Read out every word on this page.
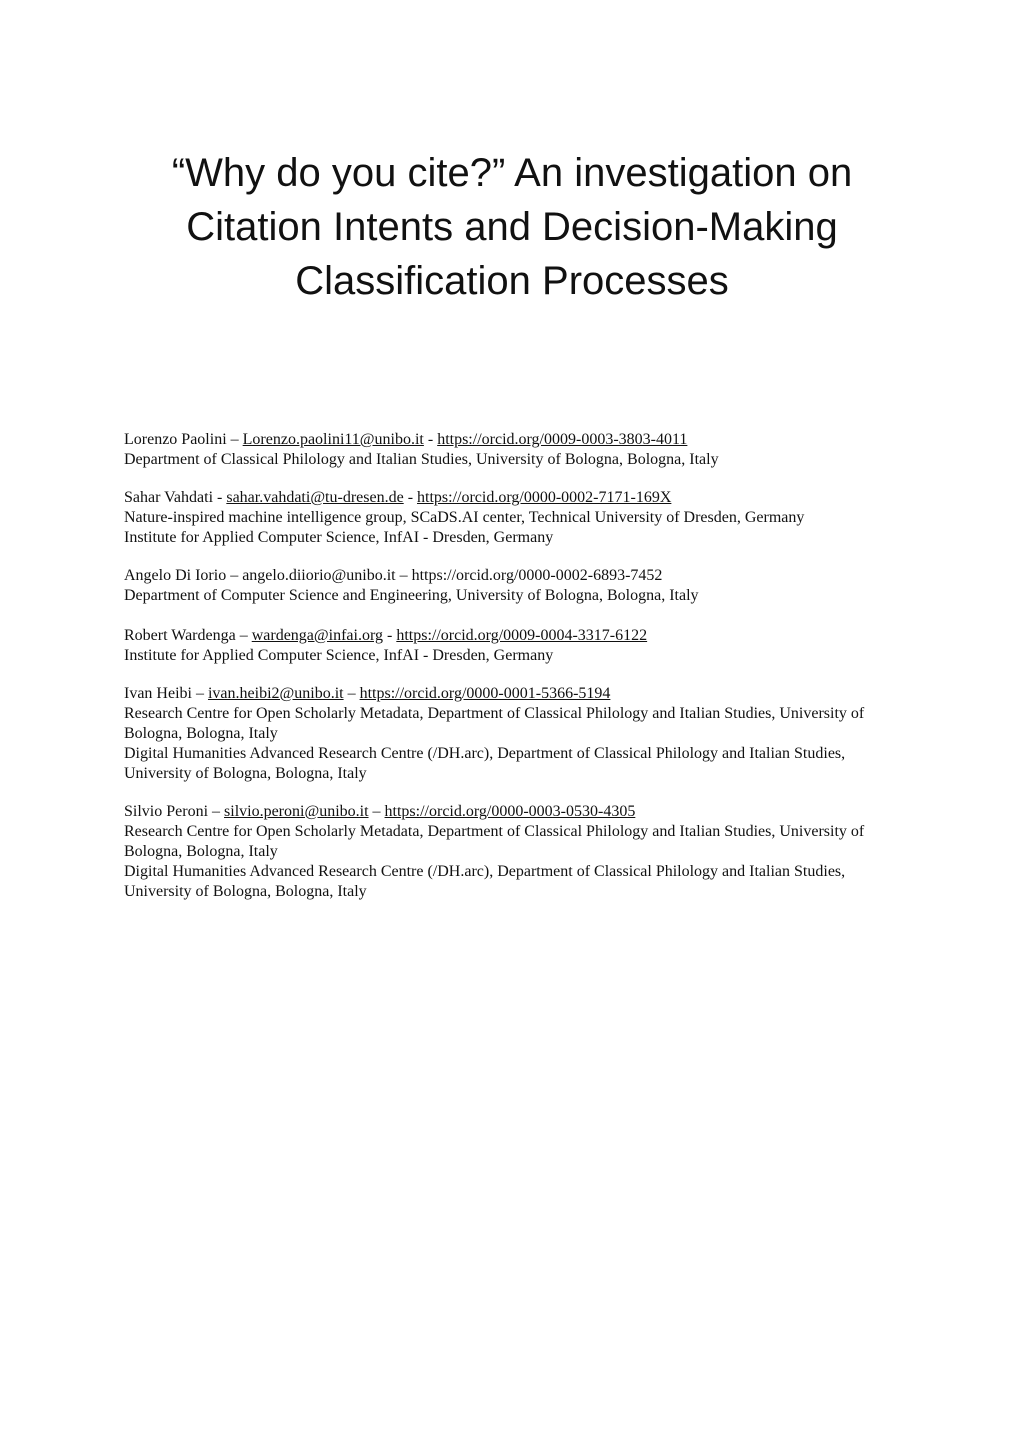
“Why do you cite?” An investigation on
Citation Intents and Decision-Making
Classification Processes
Lorenzo Paolini – Lorenzo.paolini11@unibo.it - https://orcid.org/0009-0003-3803-4011
Department of Classical Philology and Italian Studies, University of Bologna, Bologna, Italy
Sahar Vahdati - sahar.vahdati@tu-dresen.de - https://orcid.org/0000-0002-7171-169X
Nature-inspired machine intelligence group, SCaDS.AI center, Technical University of Dresden, Germany
Institute for Applied Computer Science, InfAI - Dresden, Germany
Angelo Di Iorio – angelo.diiorio@unibo.it – https://orcid.org/0000-0002-6893-7452
Department of Computer Science and Engineering, University of Bologna, Bologna, Italy
Robert Wardenga – wardenga@infai.org - https://orcid.org/0009-0004-3317-6122
Institute for Applied Computer Science, InfAI - Dresden, Germany
Ivan Heibi – ivan.heibi2@unibo.it – https://orcid.org/0000-0001-5366-5194
Research Centre for Open Scholarly Metadata, Department of Classical Philology and Italian Studies, University of Bologna, Bologna, Italy
Digital Humanities Advanced Research Centre (/DH.arc), Department of Classical Philology and Italian Studies, University of Bologna, Bologna, Italy
Silvio Peroni – silvio.peroni@unibo.it – https://orcid.org/0000-0003-0530-4305
Research Centre for Open Scholarly Metadata, Department of Classical Philology and Italian Studies, University of Bologna, Bologna, Italy
Digital Humanities Advanced Research Centre (/DH.arc), Department of Classical Philology and Italian Studies, University of Bologna, Bologna, Italy
